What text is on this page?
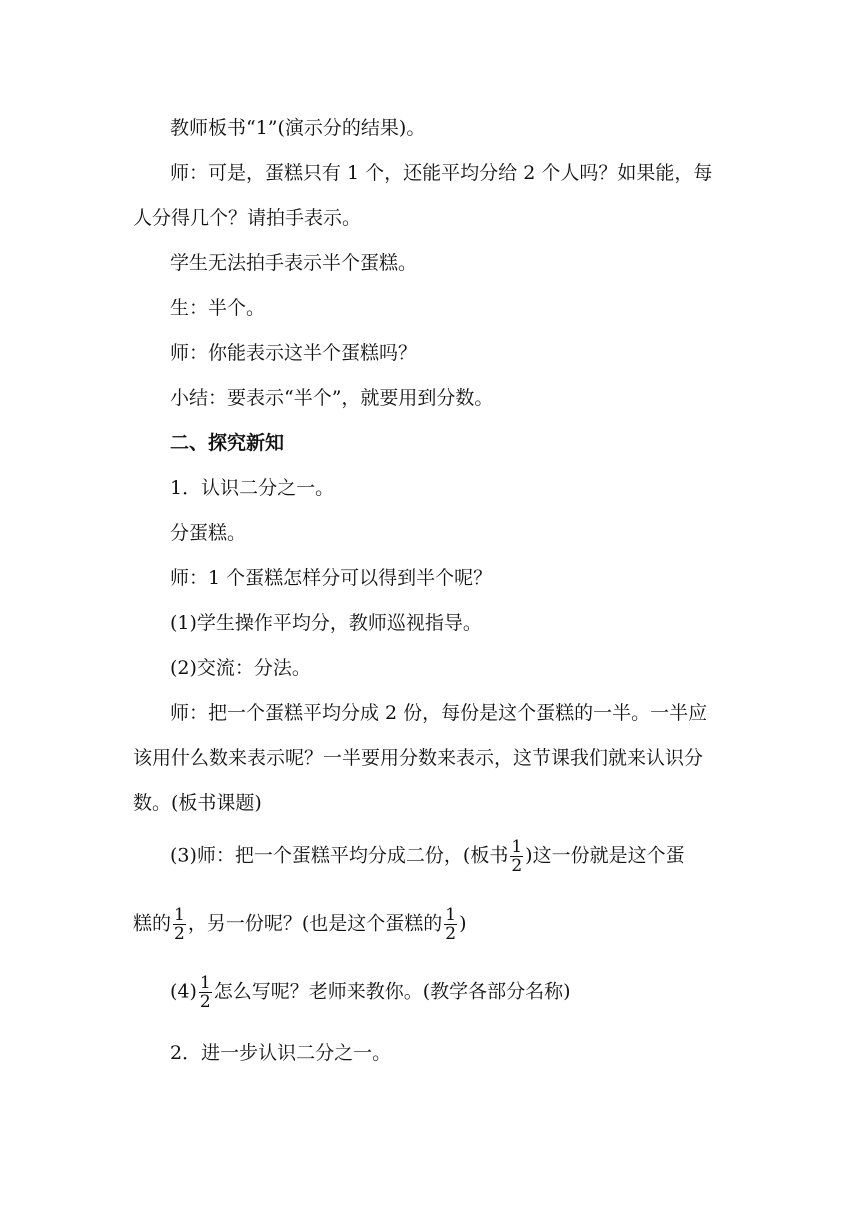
教师板书“1”(演示分的结果)。
师：可是，蛋糕只有 1 个，还能平均分给 2 个人吗？如果能，每
人分得几个？请拍手表示。
学生无法拍手表示半个蛋糕。
生：半个。
师：你能表示这半个蛋糕吗？
小结：要表示“半个”，就要用到分数。
二、探究新知
1．认识二分之一。
分蛋糕。
师：1 个蛋糕怎样分可以得到半个呢？
(1)学生操作平均分，教师巡视指导。
(2)交流：分法。
师：把一个蛋糕平均分成 2 份，每份是这个蛋糕的一半。一半应
该用什么数来表示呢？一半要用分数来表示，这节课我们就来认识分
数。(板书课题)
(3)师：把一个蛋糕平均分成二份，(板书 $\frac{1}{2}$ )这一份就是这个蛋
糕的 $\frac{1}{2}$ ，另一份呢？(也是这个蛋糕的 $\frac{1}{2}$ )
$(4) \frac{1}{2}$ 怎么写呢？老师来教你。(教学各部分名称)
2．进一步认识二分之一。
